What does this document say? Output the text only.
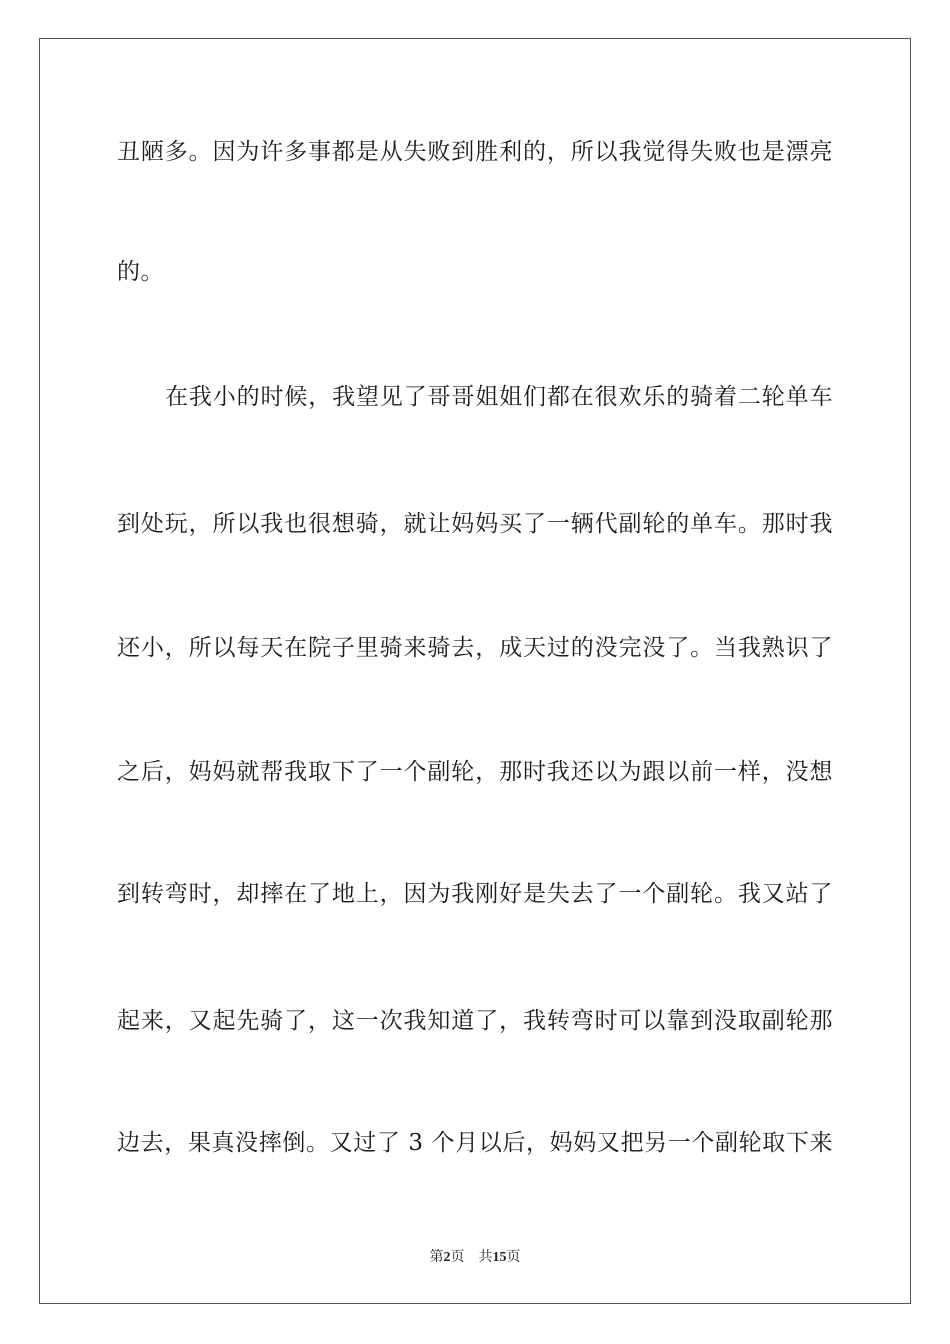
丑陋多。因为许多事都是从失败到胜利的，所以我觉得失败也是漂亮
的。
在我小的时候，我望见了哥哥姐姐们都在很欢乐的骑着二轮单车
到处玩，所以我也很想骑，就让妈妈买了一辆代副轮的单车。那时我
还小，所以每天在院子里骑来骑去，成天过的没完没了。当我熟识了
之后，妈妈就帮我取下了一个副轮，那时我还以为跟以前一样，没想
到转弯时，却摔在了地上，因为我刚好是失去了一个副轮。我又站了
起来，又起先骑了，这一次我知道了，我转弯时可以靠到没取副轮那
边去，果真没摔倒。又过了 3 个月以后，妈妈又把另一个副轮取下来
第2页 共15页
